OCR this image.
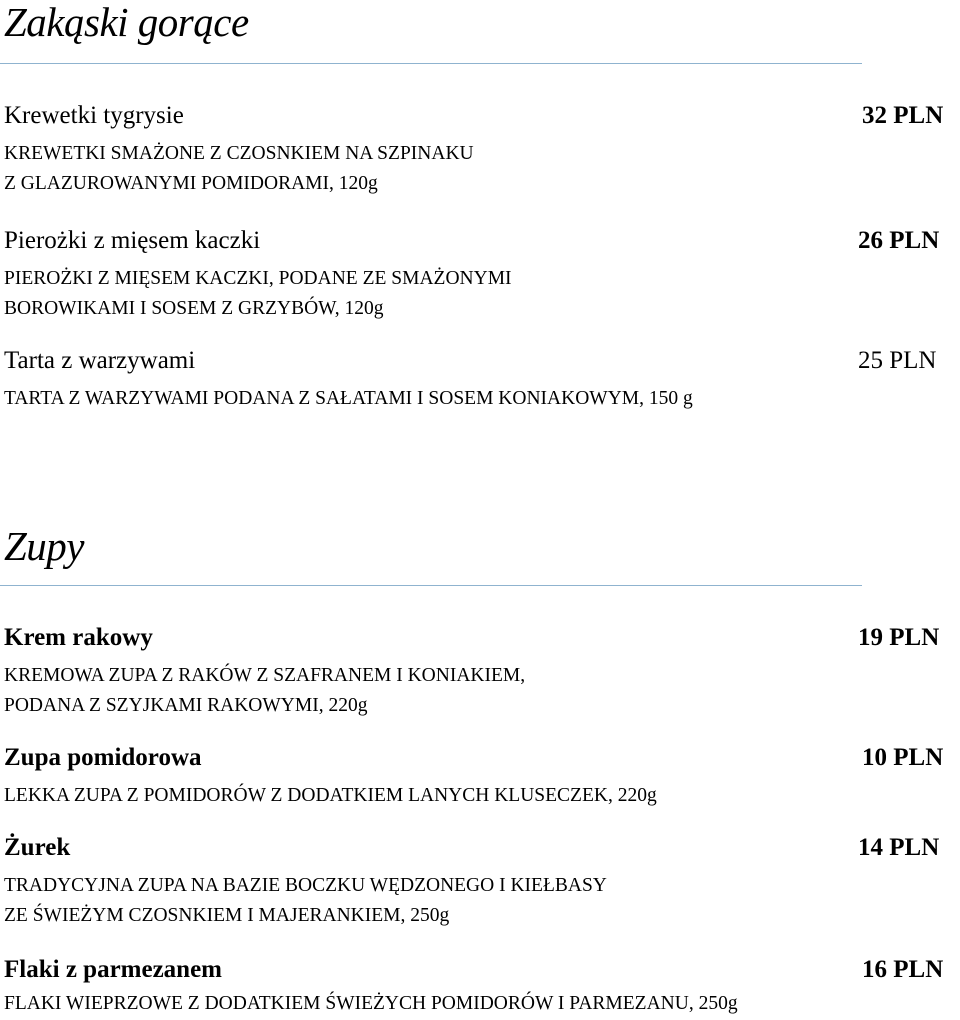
Zakąski gorące
Krewetki tygrysie	32 PLN
KREWETKI SMAŻONE Z CZOSNKIEM NA SZPINAKU
Z GLAZUROWANYMI POMIDORAMI, 120g
Pierożki z mięsem kaczki	26 PLN
PIEROŻKI Z MIĘSEM KACZKI, PODANE ZE SMAŻONYMI
BOROWIKAMI I SOSEM Z GRZYBÓW, 120g
Tarta z warzywami	25 PLN
TARTA Z WARZYWAMI PODANA Z SAŁATAMI I SOSEM KONIAKOWYM, 150 g
Zupy
Krem rakowy	19 PLN
KREMOWA ZUPA Z RAKÓW Z SZAFRANEM I KONIAKIEM,
PODANA Z SZYJKAMI RAKOWYMI, 220g
Zupa pomidorowa	10 PLN
LEKKA ZUPA Z POMIDORÓW Z DODATKIEM LANYCH KLUSECZEK, 220g
Żurek	14 PLN
TRADYCYJNA ZUPA NA BAZIE BOCZKU WĘDZONEGO I KIEŁBASY
ZE ŚWIEŻYM CZOSNKIEM I MAJERANKIEM, 250g
Flaki z parmezanem	16 PLN
FLAKI WIEPRZOWE Z DODATKIEM ŚWIEŻYCH POMIDORÓW I PARMEZANU, 250g
